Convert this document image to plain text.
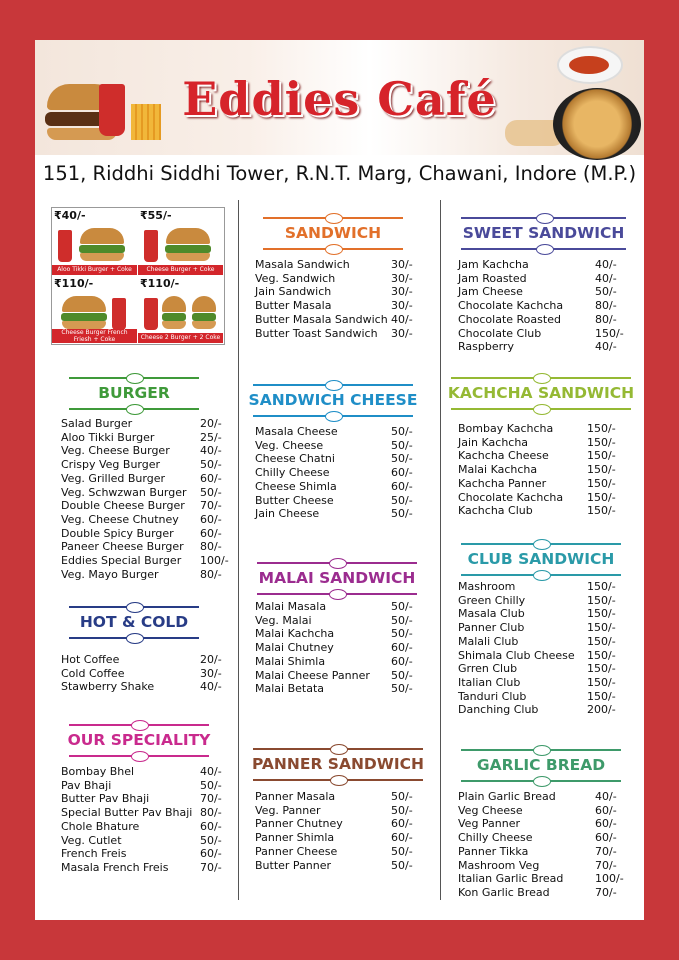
Eddies Café
151, Riddhi Siddhi Tower, R.N.T. Marg, Chawani, Indore (M.P.)
₹40/-
Aloo Tikki Burger + Coke
₹55/-
Cheese Burger + Coke
₹110/-
Cheese Burger French Friesh + Coke
₹110/-
Cheese 2 Burger + 2 Coke
SANDWICH
Masala Sandwich	30/-
Veg. Sandwich	30/-
Jain Sandwich	30/-
Butter Masala	30/-
Butter Masala Sandwich 40/-
Butter Toast Sandwich 30/-
SANDWICH CHEESE
Masala Cheese	50/-
Veg. Cheese	50/-
Cheese Chatni	50/-
Chilly Cheese	60/-
Cheese Shimla	60/-
Butter Cheese	50/-
Jain Cheese	50/-
MALAI SANDWICH
Malai Masala	50/-
Veg. Malai	50/-
Malai Kachcha	50/-
Malai Chutney	60/-
Malai Shimla	60/-
Malai Cheese Panner 50/-
Malai Betata	50/-
PANNER SANDWICH
Panner Masala	50/-
Veg. Panner	50/-
Panner Chutney	60/-
Panner Shimla	60/-
Panner Cheese	50/-
Butter Panner	50/-
BURGER
Salad Burger	20/-
Aloo Tikki Burger	25/-
Veg. Cheese Burger	40/-
Crispy Veg Burger	50/-
Veg. Grilled Burger	60/-
Veg. Schwzwan Burger 50/-
Double Cheese Burger 70/-
Veg. Cheese Chutney 60/-
Double Spicy Burger 60/-
Paneer Cheese Burger 80/-
Eddies Special Burger 100/-
Veg. Mayo Burger	80/-
HOT & COLD
Hot Coffee	20/-
Cold Coffee	30/-
Stawberry Shake	40/-
OUR SPECIALITY
Bombay Bhel	40/-
Pav Bhaji	50/-
Butter Pav Bhaji	70/-
Special Butter Pav Bhaji 80/-
Chole Bhature	60/-
Veg. Cutlet	50/-
French Freis	60/-
Masala French Freis	70/-
SWEET SANDWICH
Jam Kachcha	40/-
Jam Roasted	40/-
Jam Cheese	50/-
Chocolate Kachcha	80/-
Chocolate Roasted	80/-
Chocolate Club	150/-
Raspberry	40/-
KACHCHA SANDWICH
Bombay Kachcha	150/-
Jain Kachcha	150/-
Kachcha Cheese	150/-
Malai Kachcha	150/-
Kachcha Panner	150/-
Chocolate Kachcha 150/-
Kachcha Club	150/-
CLUB SANDWICH
Mashroom	150/-
Green Chilly	150/-
Masala Club	150/-
Panner Club	150/-
Malali Club	150/-
Shimala Club Cheese 150/-
Grren Club	150/-
Italian Club	150/-
Tanduri Club	150/-
Danching Club	200/-
GARLIC BREAD
Plain Garlic Bread	40/-
Veg Cheese	60/-
Veg Panner	60/-
Chilly Cheese	60/-
Panner Tikka	70/-
Mashroom Veg	70/-
Italian Garlic Bread	100/-
Kon Garlic Bread	70/-
